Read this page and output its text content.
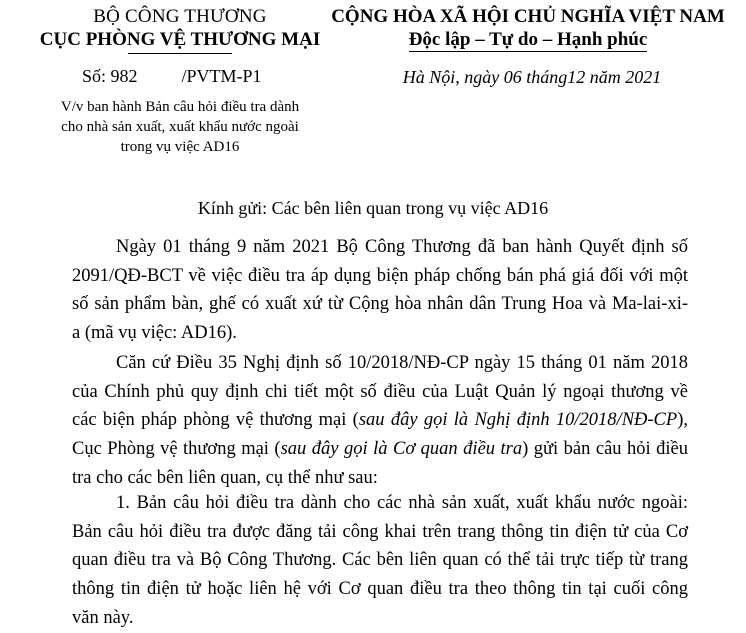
BỘ CÔNG THƯƠNG
CỤC PHÒNG VỆ THƯƠNG MẠI
CỘNG HÒA XÃ HỘI CHỦ NGHĨA VIỆT NAM
Độc lập – Tự do – Hạnh phúc
Số: 982 /PVTM-P1	Hà Nội, ngày 06 tháng12 năm 2021
V/v ban hành Bản câu hỏi điều tra dành
cho nhà sản xuất, xuất khẩu nước ngoài
trong vụ việc AD16
Kính gửi: Các bên liên quan trong vụ việc AD16
Ngày 01 tháng 9 năm 2021 Bộ Công Thương đã ban hành Quyết định số
2091/QĐ-BCT về việc điều tra áp dụng biện pháp chống bán phá giá đối với một
số sản phẩm bàn, ghế có xuất xứ từ Cộng hòa nhân dân Trung Hoa và Ma-lai-xi-
a (mã vụ việc: AD16).
Căn cứ Điều 35 Nghị định số 10/2018/NĐ-CP ngày 15 tháng 01 năm 2018
của Chính phủ quy định chi tiết một số điều của Luật Quản lý ngoại thương về
các biện pháp phòng vệ thương mại (sau đây gọi là Nghị định 10/2018/NĐ-CP),
Cục Phòng vệ thương mại (sau đây gọi là Cơ quan điều tra) gửi bản câu hỏi điều
tra cho các bên liên quan, cụ thể như sau:
1. Bản câu hỏi điều tra dành cho các nhà sản xuất, xuất khẩu nước ngoài:
Bản câu hỏi điều tra được đăng tải công khai trên trang thông tin điện tử của Cơ
quan điều tra và Bộ Công Thương. Các bên liên quan có thể tải trực tiếp từ trang
thông tin điện tử hoặc liên hệ với Cơ quan điều tra theo thông tin tại cuối công
văn này.
